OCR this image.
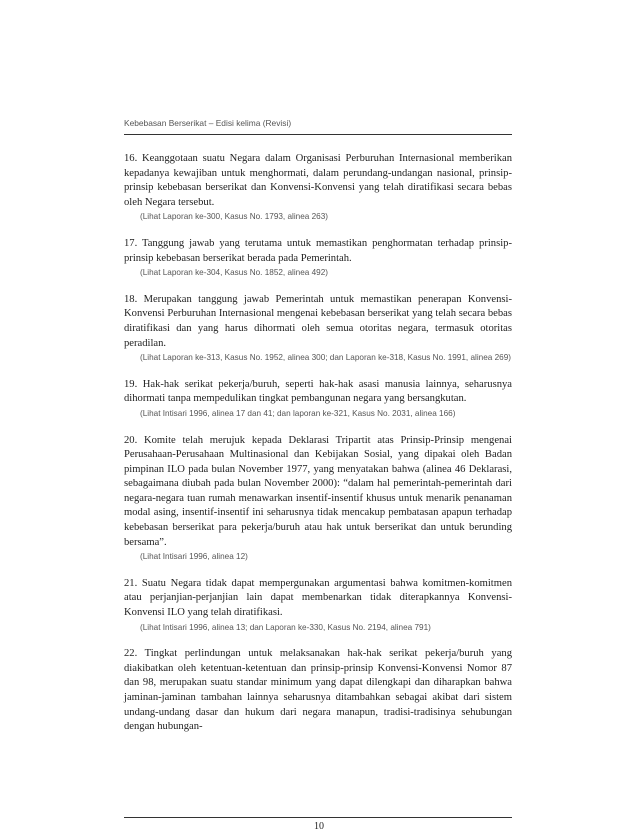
Kebebasan Berserikat – Edisi kelima (Revisi)

16. Keanggotaan suatu Negara dalam Organisasi Perburuhan Internasional memberikan kepadanya kewajiban untuk menghormati, dalam perundang-undangan nasional, prinsip-prinsip kebebasan berserikat dan Konvensi-Konvensi yang telah diratifikasi secara bebas oleh Negara tersebut.

(Lihat Laporan ke-300, Kasus No. 1793, alinea 263)

17. Tanggung jawab yang terutama untuk memastikan penghormatan terhadap prinsip-prinsip kebebasan berserikat berada pada Pemerintah.

(Lihat Laporan ke-304, Kasus No. 1852, alinea 492)

18. Merupakan tanggung jawab Pemerintah untuk memastikan penerapan Konvensi-Konvensi Perburuhan Internasional mengenai kebebasan berserikat yang telah secara bebas diratifikasi dan yang harus dihormati oleh semua otoritas negara, termasuk otoritas peradilan.

(Lihat Laporan ke-313, Kasus No. 1952, alinea 300; dan Laporan ke-318, Kasus No. 1991, alinea 269)

19. Hak-hak serikat pekerja/buruh, seperti hak-hak asasi manusia lainnya, seharusnya dihormati tanpa mempedulikan tingkat pembangunan negara yang bersangkutan.

(Lihat Intisari 1996, alinea 17 dan 41; dan laporan ke-321, Kasus No. 2031, alinea 166)

20. Komite telah merujuk kepada Deklarasi Tripartit atas Prinsip-Prinsip mengenai Perusahaan-Perusahaan Multinasional dan Kebijakan Sosial, yang dipakai oleh Badan pimpinan ILO pada bulan November 1977, yang menyatakan bahwa (alinea 46 Deklarasi, sebagaimana diubah pada bulan November 2000): “dalam hal pemerintah-pemerintah dari negara-negara tuan rumah menawarkan insentif-insentif khusus untuk menarik penanaman modal asing, insentif-insentif ini seharusnya tidak mencakup pembatasan apapun terhadap kebebasan berserikat para pekerja/buruh atau hak untuk berserikat dan untuk berunding bersama”.

(Lihat Intisari 1996, alinea 12)

21. Suatu Negara tidak dapat mempergunakan argumentasi bahwa komitmen-komitmen atau perjanjian-perjanjian lain dapat membenarkan tidak diterapkannya Konvensi-Konvensi ILO yang telah diratifikasi.

(Lihat Intisari 1996, alinea 13; dan Laporan ke-330, Kasus No. 2194, alinea 791)

22. Tingkat perlindungan untuk melaksanakan hak-hak serikat pekerja/buruh yang diakibatkan oleh ketentuan-ketentuan dan prinsip-prinsip Konvensi-Konvensi Nomor 87 dan 98, merupakan suatu standar minimum yang dapat dilengkapi dan diharapkan bahwa jaminan-jaminan tambahan lainnya seharusnya ditambahkan sebagai akibat dari sistem undang-undang dasar dan hukum dari negara manapun, tradisi-tradisinya sehubungan dengan hubungan-

10
